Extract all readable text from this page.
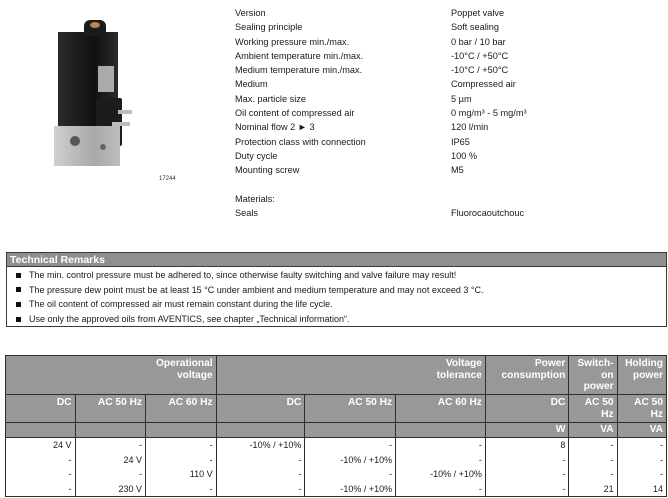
17244
Version	Poppet valve
Sealing principle	Soft sealing
Working pressure min./max.	0 bar / 10 bar
Ambient temperature min./max.	-10°C / +50°C
Medium temperature min./max.	-10°C / +50°C
Medium	Compressed air
Max. particle size	5 µm
Oil content of compressed air	0 mg/m³ - 5 mg/m³
Nominal flow 2 ► 3	120 l/min
Protection class with connection	IP65
Duty cycle	100 %
Mounting screw	M5
Materials:
Seals	Fluorocaoutchouc
Technical Remarks
The min. control pressure must be adhered to, since otherwise faulty switching and valve failure may result!
The pressure dew point must be at least 15 °C under ambient and medium temperature and may not exceed 3 °C.
The oil content of compressed air must remain constant during the life cycle.
Use only the approved oils from AVENTICS, see chapter „Technical information“.
Operational voltage			Voltage tolerance			Power consumption	Switch-on power	Holding power
DC	AC 50 Hz	AC 60 Hz	DC	AC 50 Hz	AC 60 Hz	DC	AC 50 Hz	AC 50 Hz
						W	VA	VA
24 V	-	-	-10% / +10%	-	-	8	-	-
-	24 V	-	-	-10% / +10%	-	-	-	-
-	-	110 V	-	-	-10% / +10%	-	-	-
-	230 V	-	-	-10% / +10%	-	-	21	14
